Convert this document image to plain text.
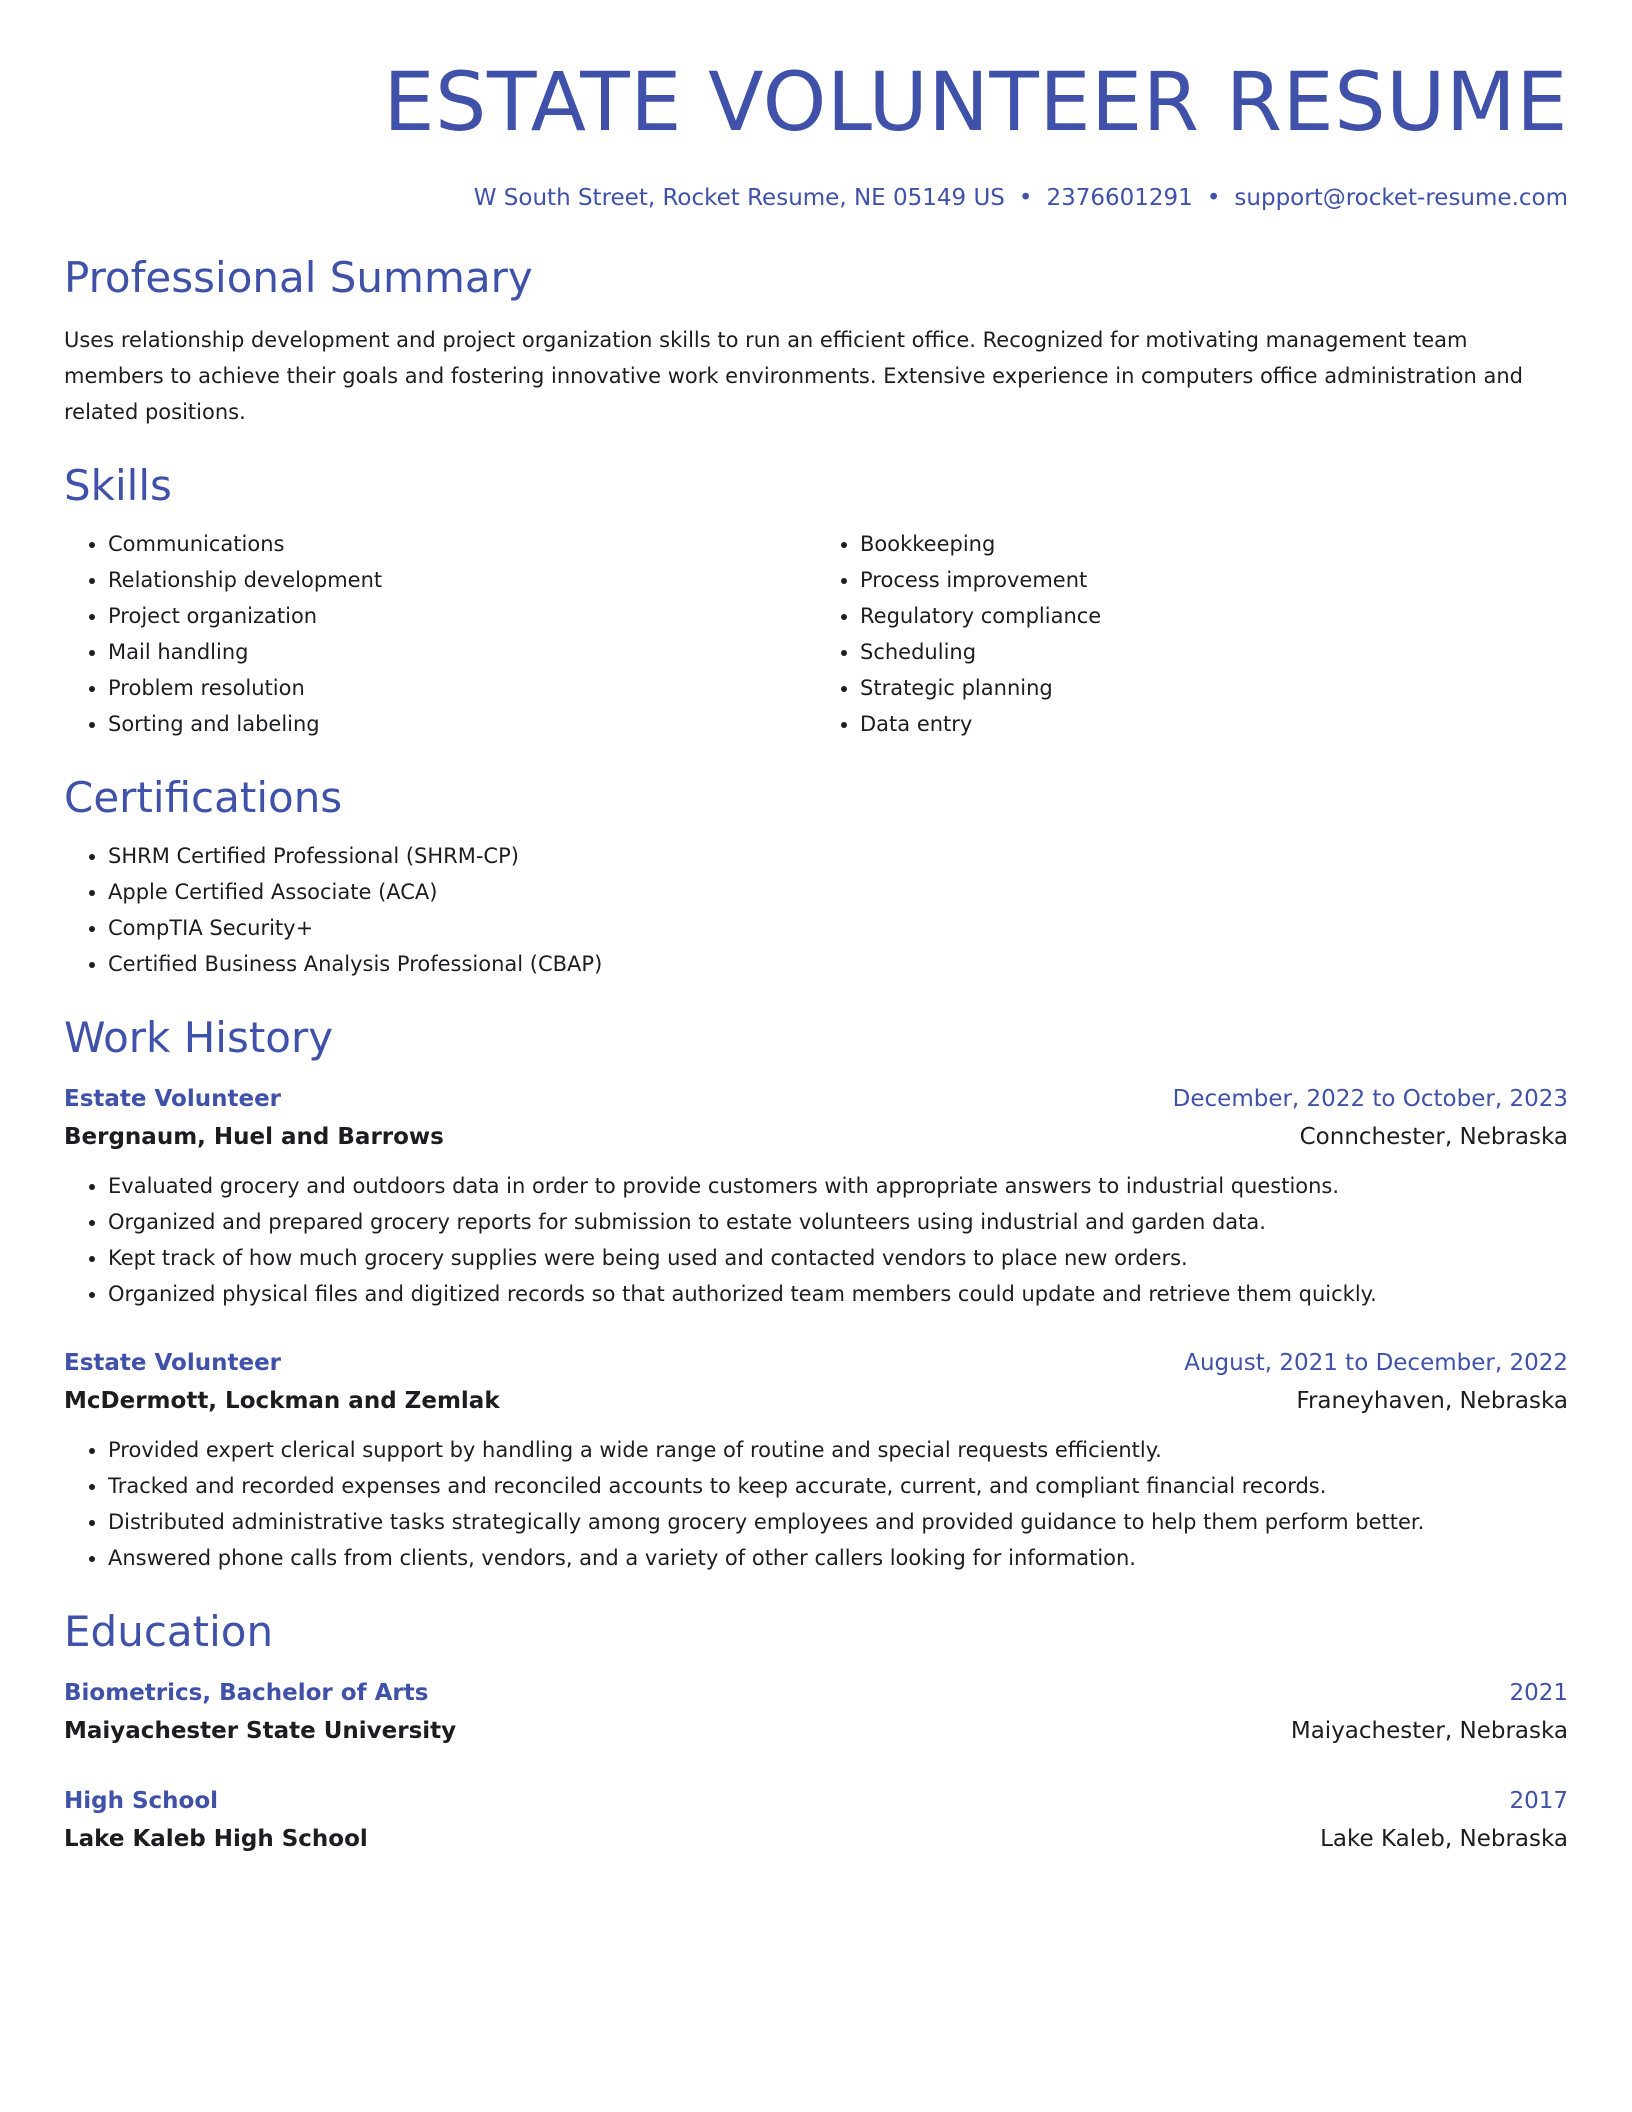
ESTATE VOLUNTEER RESUME
W South Street, Rocket Resume, NE 05149 US • 2376601291 • support@rocket-resume.com
Professional Summary
Uses relationship development and project organization skills to run an efficient office. Recognized for motivating management team members to achieve their goals and fostering innovative work environments. Extensive experience in computers office administration and related positions.
Skills
• Communications
• Relationship development
• Project organization
• Mail handling
• Problem resolution
• Sorting and labeling
• Bookkeeping
• Process improvement
• Regulatory compliance
• Scheduling
• Strategic planning
• Data entry
Certifications
• SHRM Certified Professional (SHRM-CP)
• Apple Certified Associate (ACA)
• CompTIA Security+
• Certified Business Analysis Professional (CBAP)
Work History
Estate Volunteer	December, 2022 to October, 2023
Bergnaum, Huel and Barrows	Connchester, Nebraska
• Evaluated grocery and outdoors data in order to provide customers with appropriate answers to industrial questions.
• Organized and prepared grocery reports for submission to estate volunteers using industrial and garden data.
• Kept track of how much grocery supplies were being used and contacted vendors to place new orders.
• Organized physical files and digitized records so that authorized team members could update and retrieve them quickly.
Estate Volunteer	August, 2021 to December, 2022
McDermott, Lockman and Zemlak	Franeyhaven, Nebraska
• Provided expert clerical support by handling a wide range of routine and special requests efficiently.
• Tracked and recorded expenses and reconciled accounts to keep accurate, current, and compliant financial records.
• Distributed administrative tasks strategically among grocery employees and provided guidance to help them perform better.
• Answered phone calls from clients, vendors, and a variety of other callers looking for information.
Education
Biometrics, Bachelor of Arts	2021
Maiyachester State University	Maiyachester, Nebraska
High School	2017
Lake Kaleb High School	Lake Kaleb, Nebraska
